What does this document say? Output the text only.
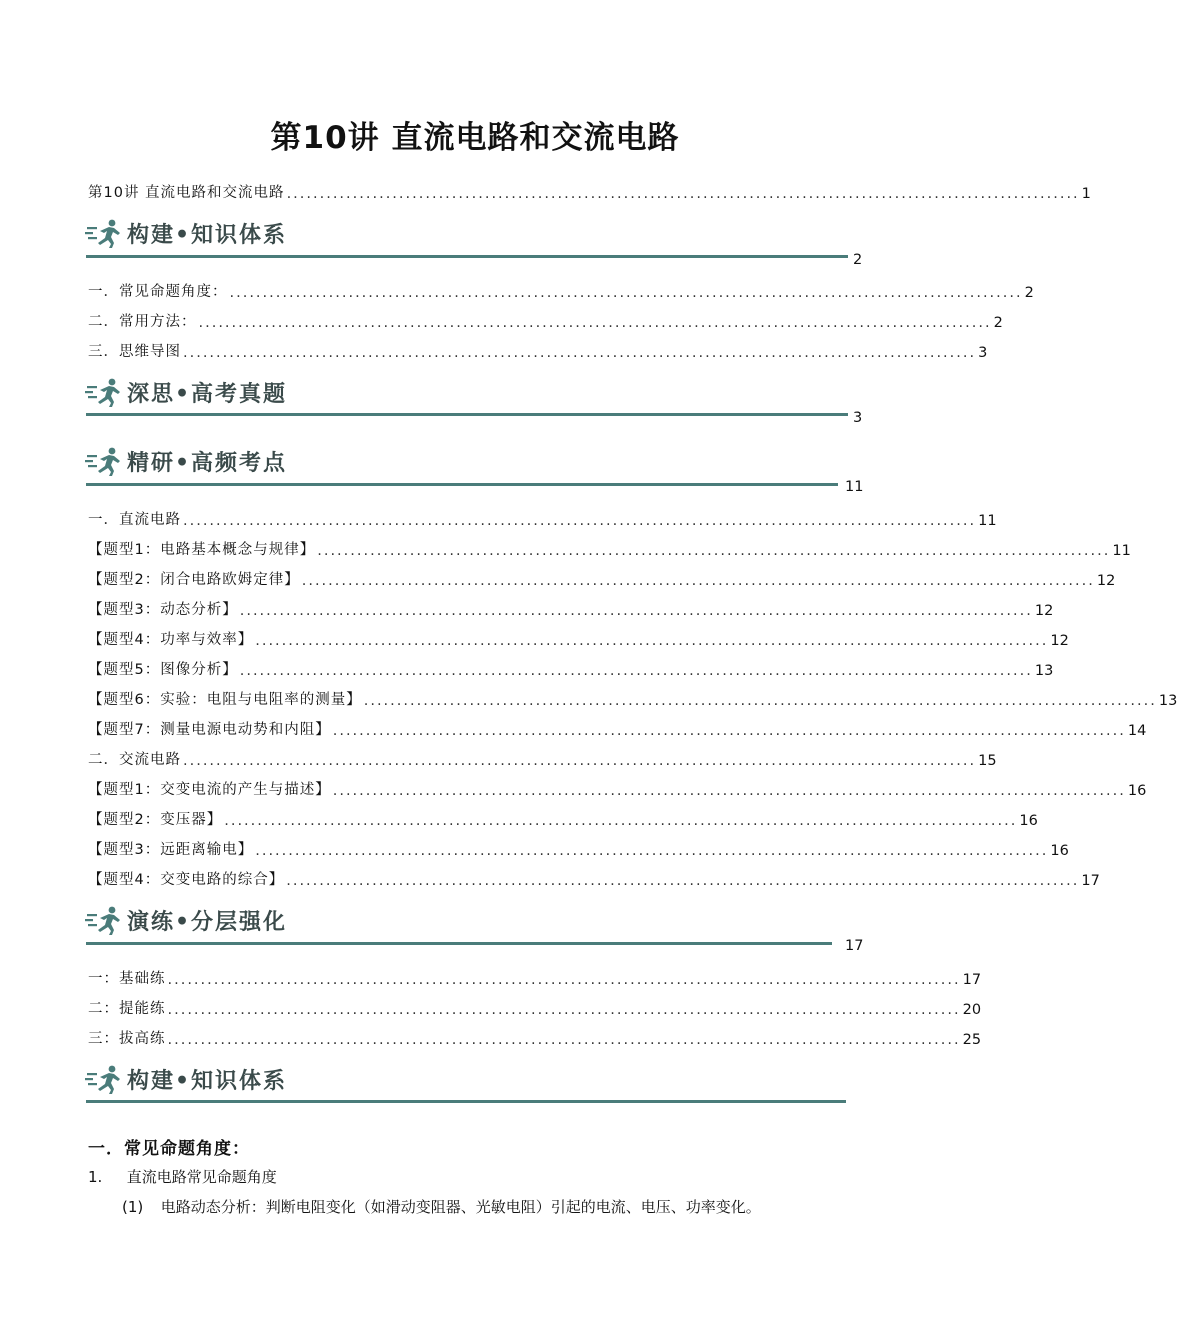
第10讲 直流电路和交流电路
第10讲 直流电路和交流电路 ........................................................................................................................ 1
构建•知识体系
2
一．常见命题角度： ........................................................................................................................ 2
二．常用方法： ........................................................................................................................ 2
三．思维导图 ........................................................................................................................ 3
深思•高考真题
3
精研•高频考点
11
一．直流电路 ........................................................................................................................ 11
【题型1：电路基本概念与规律】 ........................................................................................................................ 11
【题型2：闭合电路欧姆定律】 ........................................................................................................................ 12
【题型3：动态分析】 ........................................................................................................................ 12
【题型4：功率与效率】 ........................................................................................................................ 12
【题型5：图像分析】 ........................................................................................................................ 13
【题型6：实验：电阻与电阻率的测量】 ........................................................................................................................ 13
【题型7：测量电源电动势和内阻】 ........................................................................................................................ 14
二．交流电路 ........................................................................................................................ 15
【题型1：交变电流的产生与描述】 ........................................................................................................................ 16
【题型2：变压器】 ........................................................................................................................ 16
【题型3：远距离输电】 ........................................................................................................................ 16
【题型4：交变电路的综合】 ........................................................................................................................ 17
演练•分层强化
17
一：基础练 ........................................................................................................................ 17
二：提能练 ........................................................................................................................ 20
三：拔高练 ........................................................................................................................ 25
构建•知识体系
一．常见命题角度：
1. 直流电路常见命题角度
(1) 电路动态分析：判断电阻变化（如滑动变阻器、光敏电阻）引起的电流、电压、功率变化。
